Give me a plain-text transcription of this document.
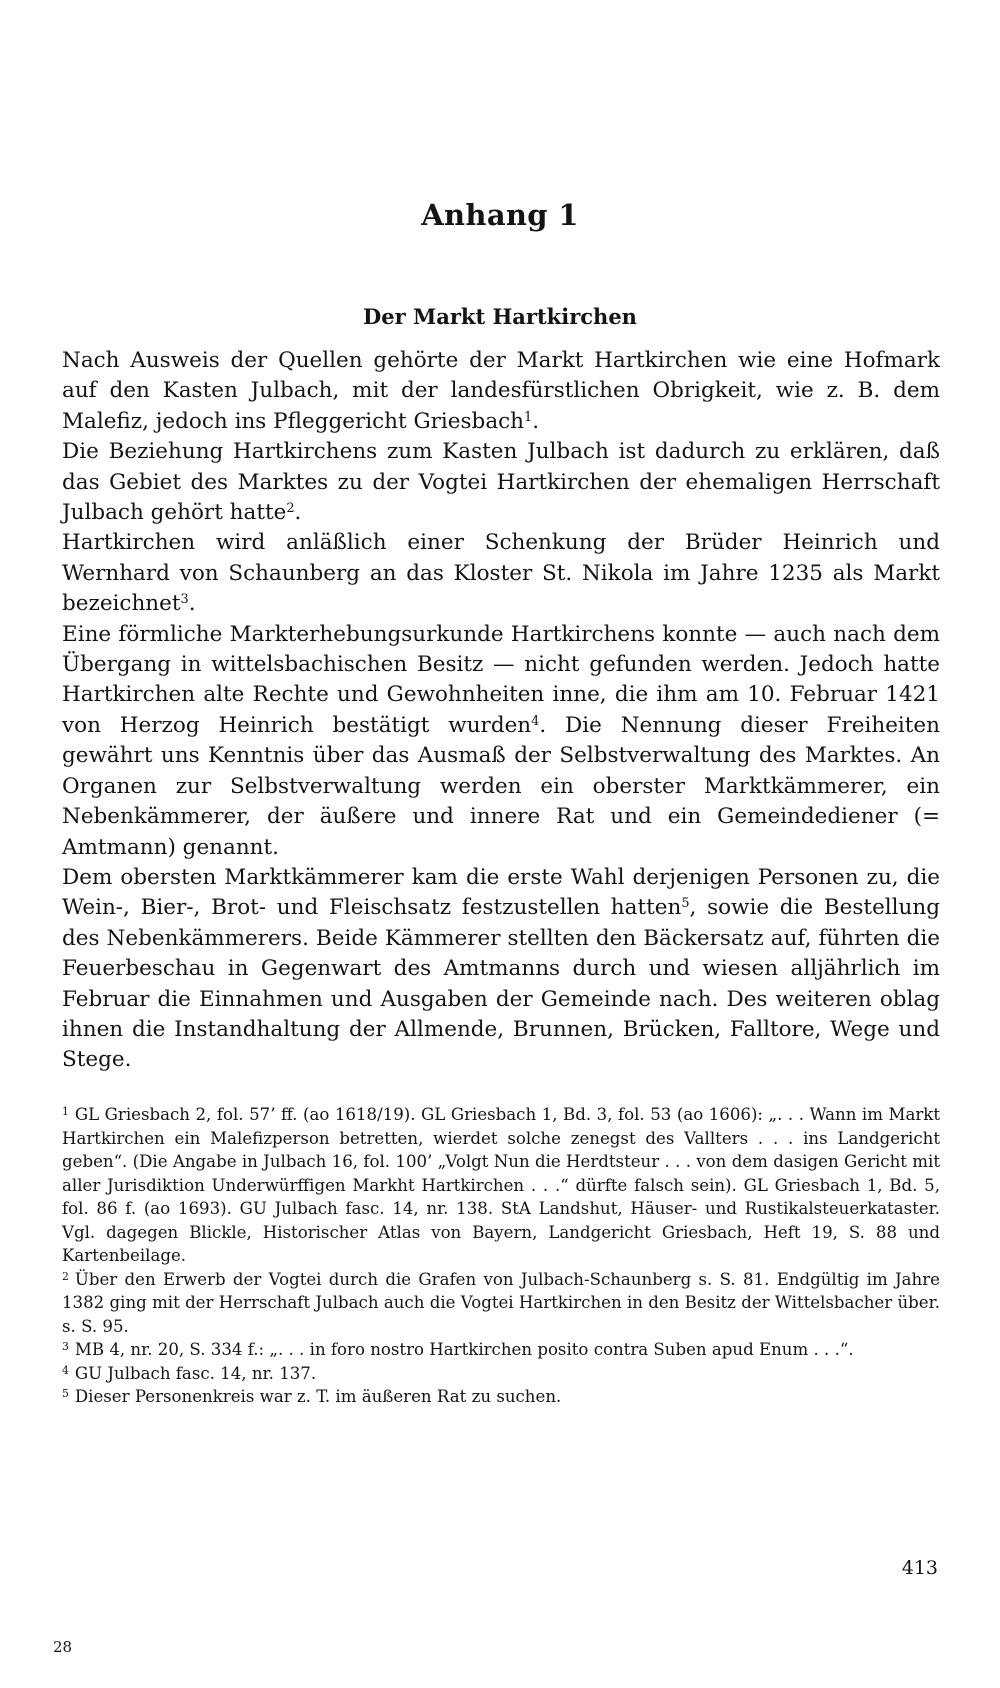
Anhang 1
Der Markt Hartkirchen

Nach Ausweis der Quellen gehörte der Markt Hartkirchen wie eine Hofmark auf den Kasten Julbach, mit der landesfürstlichen Obrigkeit, wie z. B. dem Malefiz, jedoch ins Pfleggericht Griesbach$^1$.

Die Beziehung Hartkirchens zum Kasten Julbach ist dadurch zu erklären, daß das Gebiet des Marktes zu der Vogtei Hartkirchen der ehemaligen Herrschaft Julbach gehört hatte$^2$.

Hartkirchen wird anläßlich einer Schenkung der Brüder Heinrich und Wernhard von Schaunberg an das Kloster St. Nikola im Jahre 1235 als Markt bezeichnet$^3$.

Eine förmliche Markterhebungsurkunde Hartkirchens konnte — auch nach dem Übergang in wittelsbachischen Besitz — nicht gefunden werden. Jedoch hatte Hartkirchen alte Rechte und Gewohnheiten inne, die ihm am 10. Februar 1421 von Herzog Heinrich bestätigt wurden$^4$. Die Nennung dieser Freiheiten gewährt uns Kenntnis über das Ausmaß der Selbstverwaltung des Marktes. An Organen zur Selbstverwaltung werden ein oberster Marktkämmerer, ein Nebenkämmerer, der äußere und innere Rat und ein Gemeindediener (= Amtmann) genannt.

Dem obersten Marktkämmerer kam die erste Wahl derjenigen Personen zu, die Wein-, Bier-, Brot- und Fleischsatz festzustellen hatten$^5$, sowie die Bestellung des Nebenkämmerers. Beide Kämmerer stellten den Bäckersatz auf, führten die Feuerbeschau in Gegenwart des Amtmanns durch und wiesen alljährlich im Februar die Einnahmen und Ausgaben der Gemeinde nach. Des weiteren oblag ihnen die Instandhaltung der Allmende, Brunnen, Brücken, Falltore, Wege und Stege.

$^1$ GL Griesbach 2, fol. 57’ ff. (ao 1618/19). GL Griesbach 1, Bd. 3, fol. 53 (ao 1606): „. . . Wann im Markt Hartkirchen ein Malefizperson betretten, wierdet solche zenegst des Vallters . . . ins Landgericht geben“. (Die Angabe in Julbach 16, fol. 100’ „Volgt Nun die Herdtsteur . . . von dem dasigen Gericht mit aller Jurisdiktion Underwürffigen Markht Hartkirchen . . .“ dürfte falsch sein). GL Griesbach 1, Bd. 5, fol. 86 f. (ao 1693). GU Julbach fasc. 14, nr. 138. StA Landshut, Häuser- und Rustikalsteuerkataster. Vgl. dagegen Blickle, Historischer Atlas von Bayern, Landgericht Griesbach, Heft 19, S. 88 und Kartenbeilage.

$^2$ Über den Erwerb der Vogtei durch die Grafen von Julbach-Schaunberg s. S. 81. Endgültig im Jahre 1382 ging mit der Herrschaft Julbach auch die Vogtei Hartkirchen in den Besitz der Wittelsbacher über. s. S. 95.

$^3$ MB 4, nr. 20, S. 334 f.: „. . . in foro nostro Hartkirchen posito contra Suben apud Enum . . .“.

$^4$ GU Julbach fasc. 14, nr. 137.

$^5$ Dieser Personenkreis war z. T. im äußeren Rat zu suchen.

413

28
